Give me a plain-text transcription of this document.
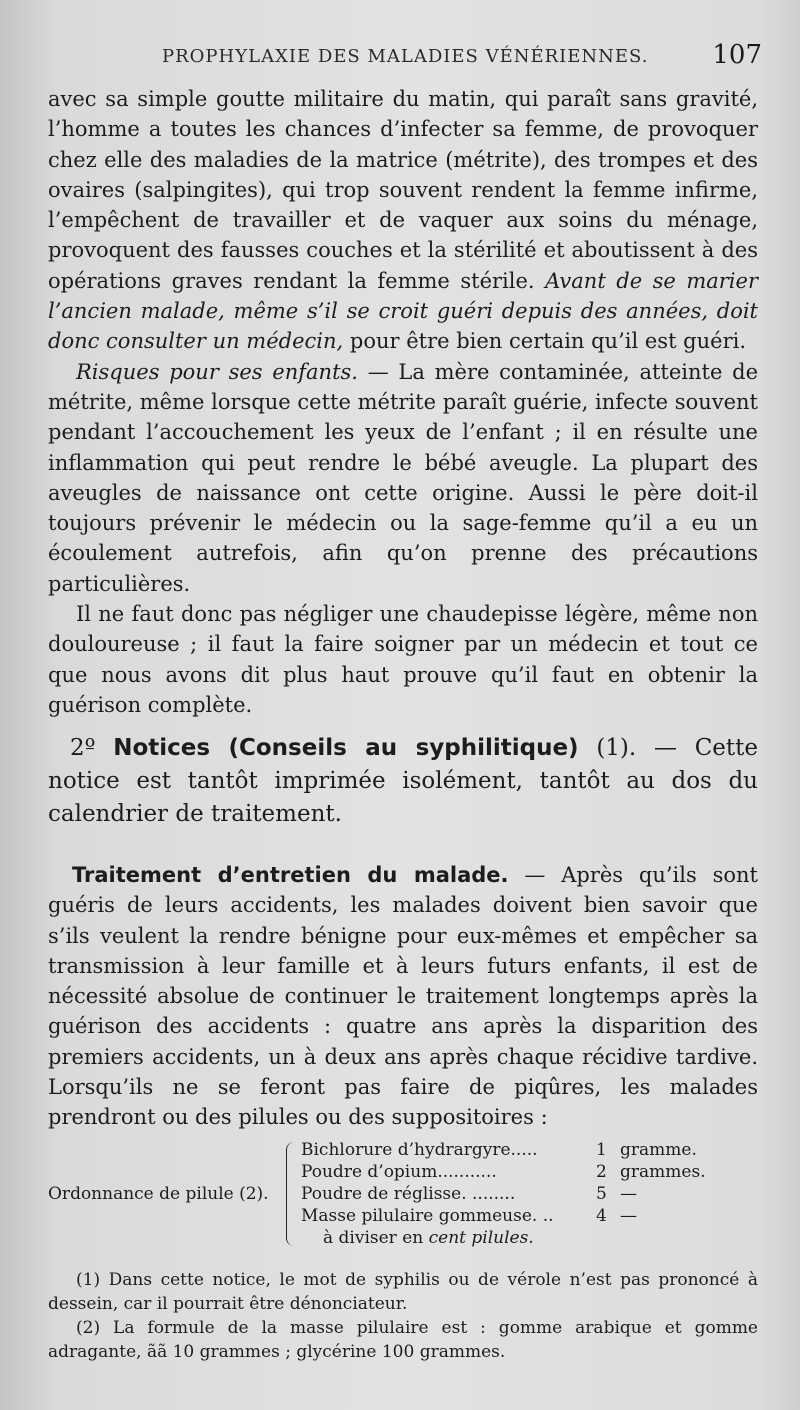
PROPHYLAXIE DES MALADIES VÉNÉRIENNES. 107

avec sa simple goutte militaire du matin, qui paraît sans gravité, l’homme a toutes les chances d’infecter sa femme, de provoquer chez elle des maladies de la matrice (métrite), des trompes et des ovaires (salpingites), qui trop souvent rendent la femme infirme, l’empêchent de travailler et de vaquer aux soins du ménage, provoquent des fausses couches et la stérilité et aboutissent à des opérations graves rendant la femme stérile. Avant de se marier l’ancien malade, même s’il se croit guéri depuis des années, doit donc consulter un médecin, pour être bien certain qu’il est guéri.

Risques pour ses enfants. — La mère contaminée, atteinte de métrite, même lorsque cette métrite paraît guérie, infecte souvent pendant l’accouchement les yeux de l’enfant ; il en résulte une inflammation qui peut rendre le bébé aveugle. La plupart des aveugles de naissance ont cette origine. Aussi le père doit-il toujours prévenir le médecin ou la sage-femme qu’il a eu un écoulement autrefois, afin qu’on prenne des précautions particulières.

Il ne faut donc pas négliger une chaudepisse légère, même non douloureuse ; il faut la faire soigner par un médecin et tout ce que nous avons dit plus haut prouve qu’il faut en obtenir la guérison complète.

2º Notices (Conseils au syphilitique) (1). — Cette notice est tantôt imprimée isolément, tantôt au dos du calendrier de traitement.
Traitement d’entretien du malade. — Après qu’ils sont guéris de leurs accidents, les malades doivent bien savoir que s’ils veulent la rendre bénigne pour eux-mêmes et empêcher sa transmission à leur famille et à leurs futurs enfants, il est de nécessité absolue de continuer le traitement longtemps après la guérison des accidents : quatre ans après la disparition des premiers accidents, un à deux ans après chaque récidive tardive. Lorsqu’ils ne se feront pas faire de piqûres, les malades prendront ou des pilules ou des suppositoires :
Ordonnance de pilule (2).
Bichlorure d’hydrargyre.....	1 gramme.
Poudre d’opium...........	2 grammes.
Poudre de réglisse. ........	5 —
Masse pilulaire gommeuse. .. 4 —
à diviser en cent pilules.

(1) Dans cette notice, le mot de syphilis ou de vérole n’est pas prononcé à dessein, car il pourrait être dénonciateur.

(2) La formule de la masse pilulaire est : gomme arabique et gomme adragante, ãã 10 grammes ; glycérine 100 grammes.
